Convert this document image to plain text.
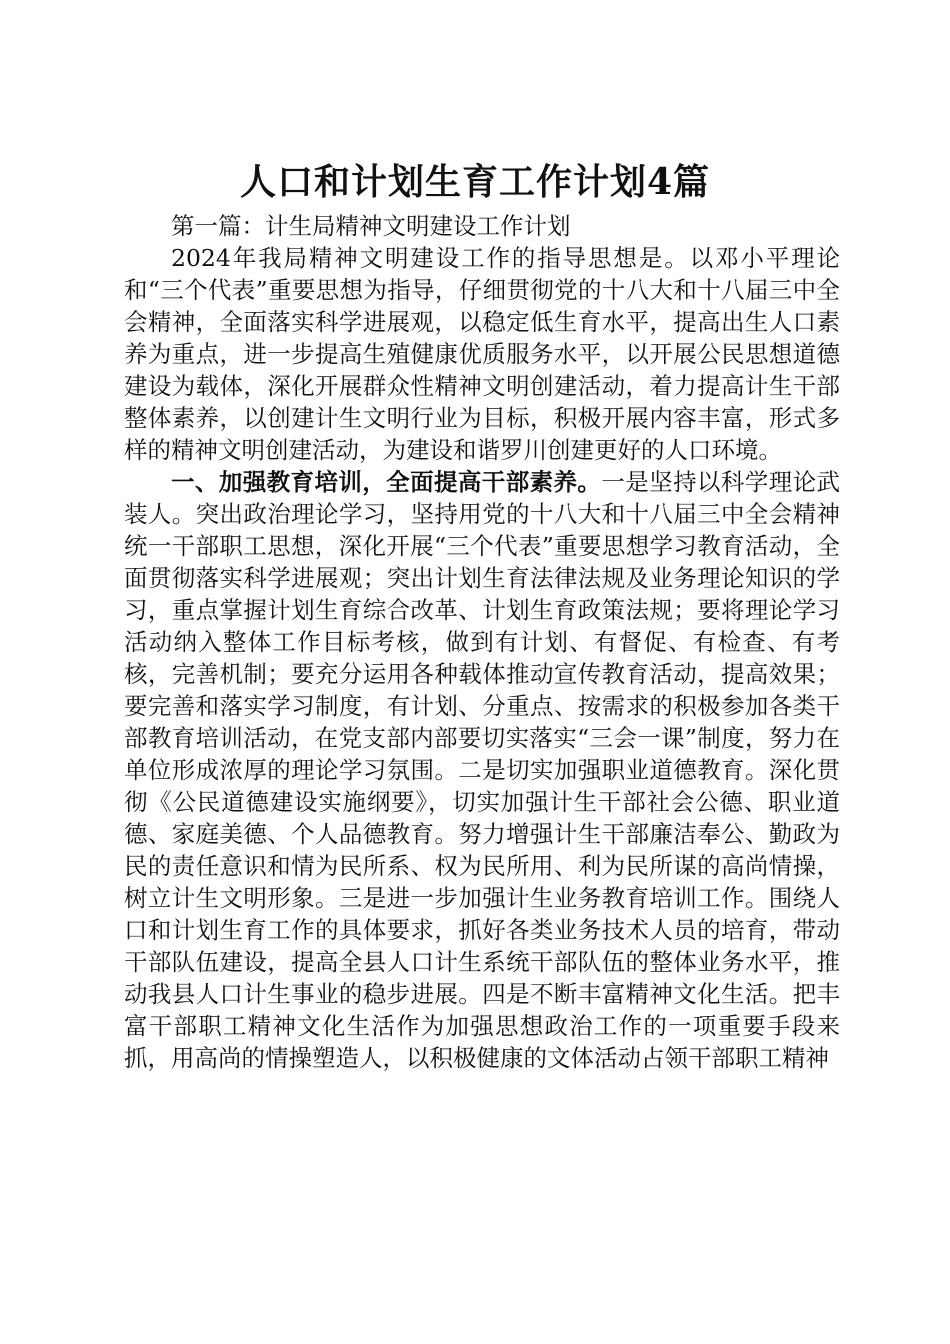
人口和计划生育工作计划4篇

第一篇：计生局精神文明建设工作计划

2024年我局精神文明建设工作的指导思想是。以邓小平理论和“三个代表”重要思想为指导，仔细贯彻党的十八大和十八届三中全会精神，全面落实科学进展观，以稳定低生育水平，提高出生人口素养为重点，进一步提高生殖健康优质服务水平，以开展公民思想道德建设为载体，深化开展群众性精神文明创建活动，着力提高计生干部整体素养，以创建计生文明行业为目标，积极开展内容丰富，形式多样的精神文明创建活动，为建设和谐罗川创建更好的人口环境。

一、加强教育培训，全面提高干部素养。一是坚持以科学理论武装人。突出政治理论学习，坚持用党的十八大和十八届三中全会精神统一干部职工思想，深化开展“三个代表”重要思想学习教育活动，全面贯彻落实科学进展观；突出计划生育法律法规及业务理论知识的学习，重点掌握计划生育综合改革、计划生育政策法规；要将理论学习活动纳入整体工作目标考核，做到有计划、有督促、有检查、有考核，完善机制；要充分运用各种载体推动宣传教育活动，提高效果；要完善和落实学习制度，有计划、分重点、按需求的积极参加各类干部教育培训活动，在党支部内部要切实落实“三会一课”制度，努力在单位形成浓厚的理论学习氛围。二是切实加强职业道德教育。深化贯彻《公民道德建设实施纲要》，切实加强计生干部社会公德、职业道德、家庭美德、个人品德教育。努力增强计生干部廉洁奉公、勤政为民的责任意识和情为民所系、权为民所用、利为民所谋的高尚情操，树立计生文明形象。三是进一步加强计生业务教育培训工作。围绕人口和计划生育工作的具体要求，抓好各类业务技术人员的培育，带动干部队伍建设，提高全县人口计生系统干部队伍的整体业务水平，推动我县人口计生事业的稳步进展。四是不断丰富精神文化生活。把丰富干部职工精神文化生活作为加强思想政治工作的一项重要手段来抓，用高尚的情操塑造人，以积极健康的文体活动占领干部职工精神
